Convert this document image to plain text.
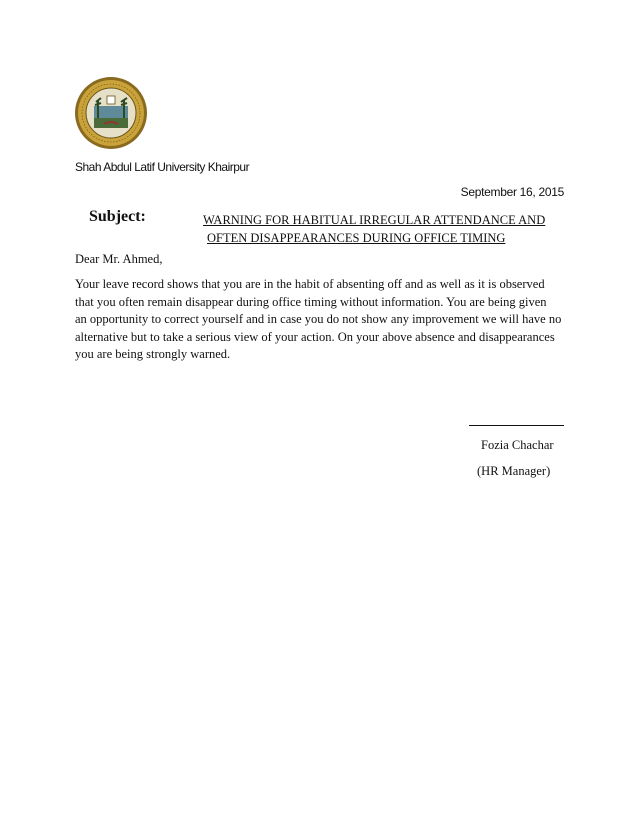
Shah Abdul Latif University Khairpur
September 16, 2015
Subject:	WARNING FOR HABITUAL IRREGULAR ATTENDANCE AND
OFTEN DISAPPEARANCES DURING OFFICE TIMING
Dear Mr. Ahmed,
Your leave record shows that you are in the habit of absenting off and as well as it is observed
that you often remain disappear during office timing without information. You are being given
an opportunity to correct yourself and in case you do not show any improvement we will have no
alternative but to take a serious view of your action. On your above absence and disappearances
you are being strongly warned.
Fozia Chachar
(HR Manager)
